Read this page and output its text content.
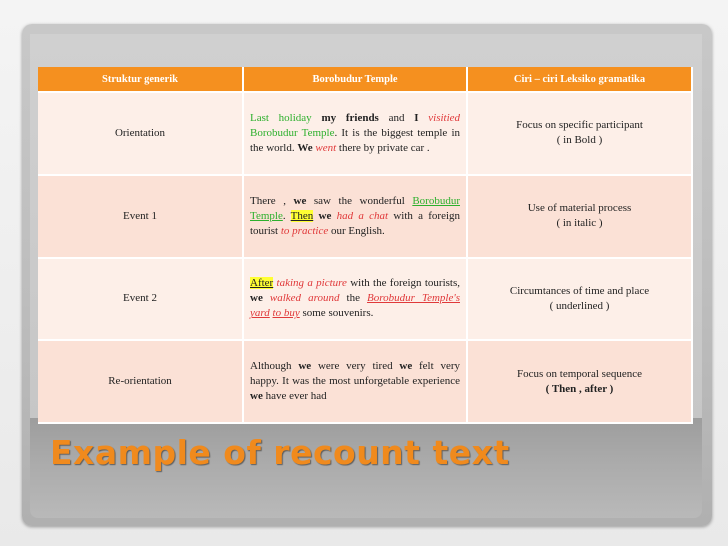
Struktur generik	Borobudur Temple	Ciri – ciri Leksiko gramatika
Orientation	Last holiday my friends and I visitied Borobudur Temple. It is the biggest temple in the world. We went there by private car .	Focus on specific participant
( in Bold )
Event 1	There , we saw the wonderful Borobudur Temple. Then we had a chat with a foreign tourist to practice our English.	Use of material process
( in italic )
Event 2	After taking a picture with the foreign tourists, we walked around the Borobudur Temple's yard to buy some souvenirs.	Circumtances of time and place
( underlined )
Re-orientation	Although we were very tired we felt very happy. It was the most unforgetable experience we have ever had	Focus on temporal sequence
( Then , after )
Example of recount text
